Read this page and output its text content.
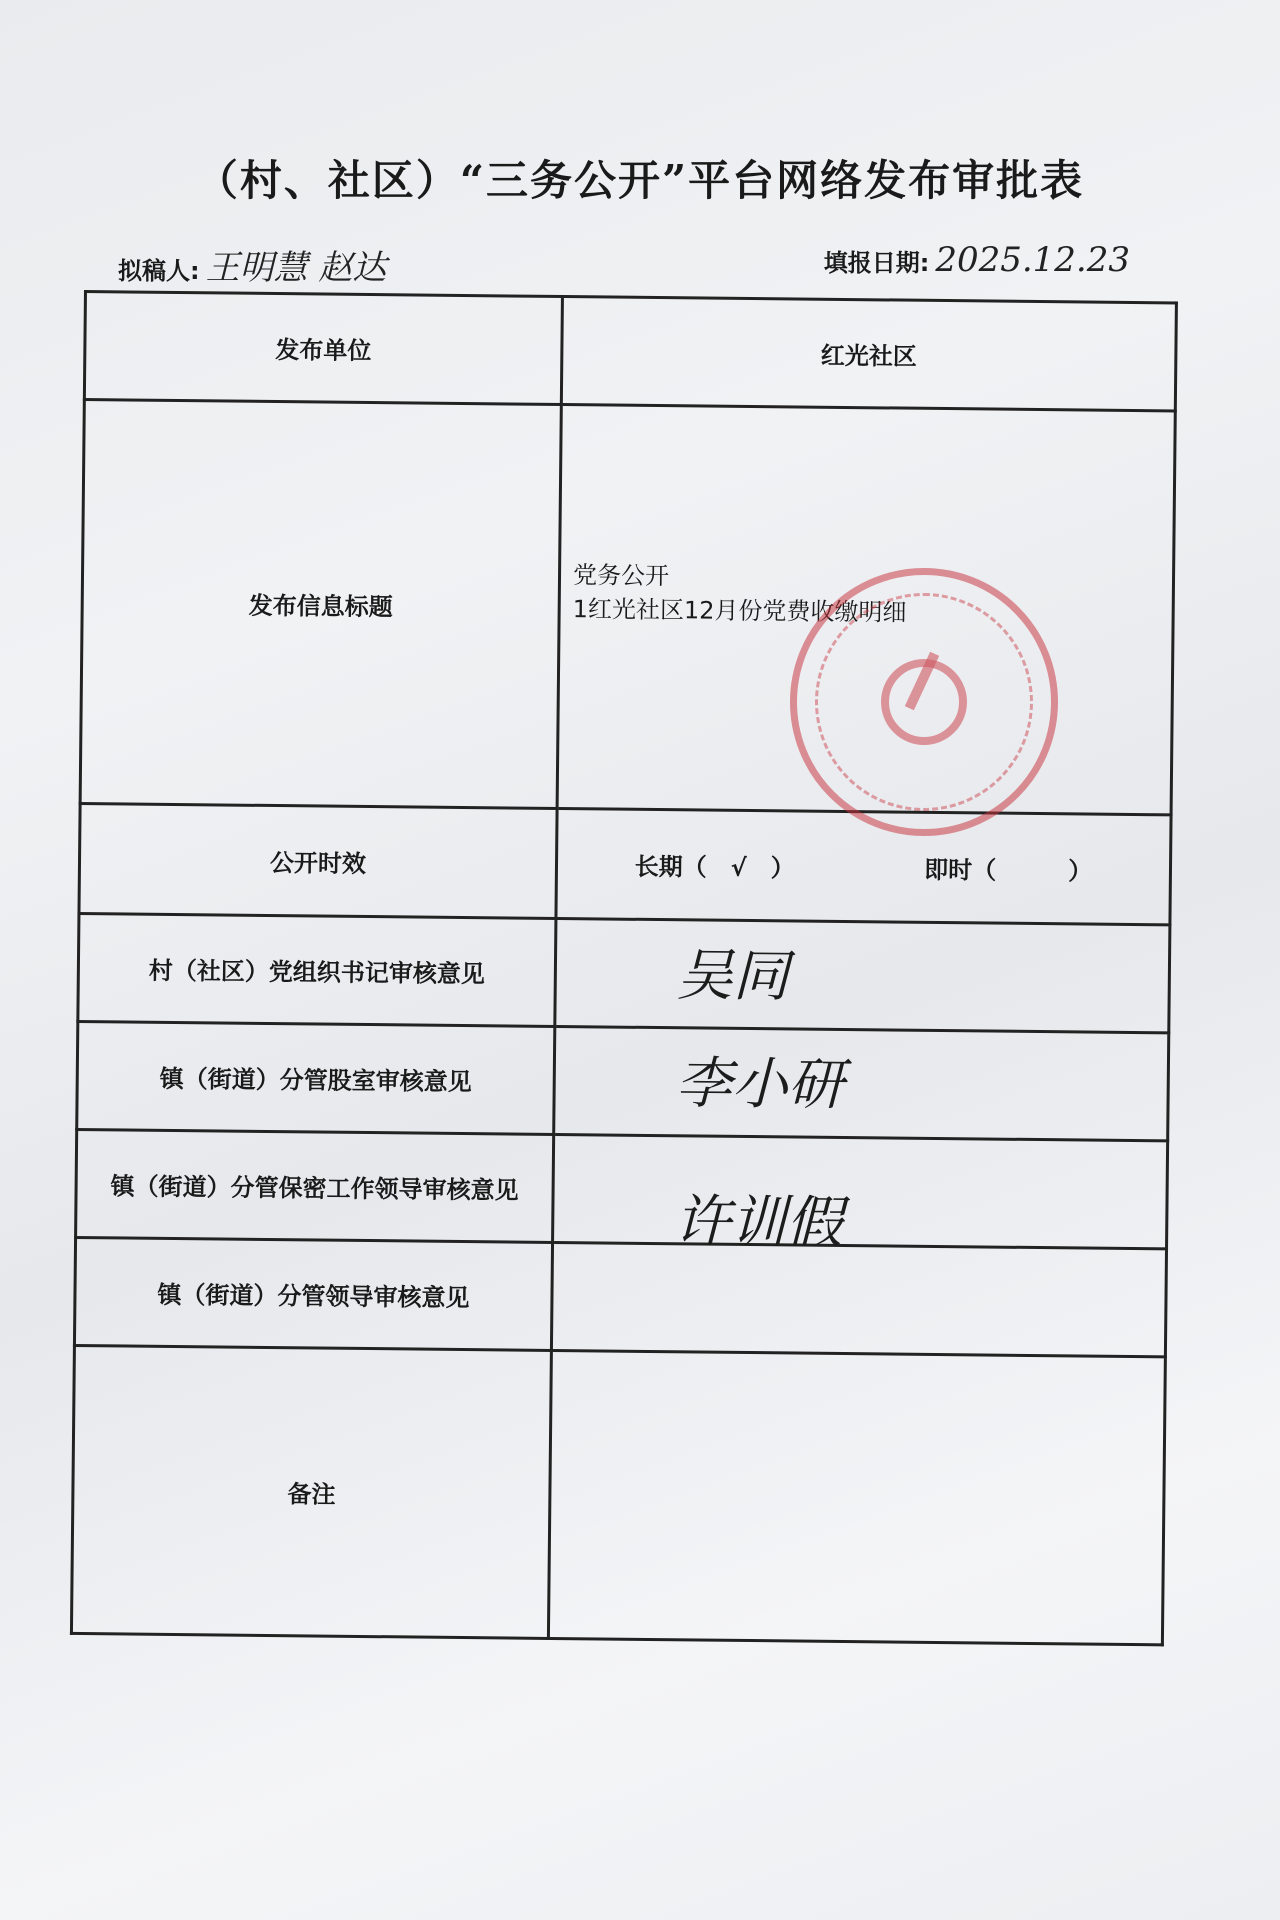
（村、社区）“三务公开”平台网络发布审批表
拟稿人: 王明慧 赵达	填报日期: 2025.12.23
发布单位	红光社区
发布信息标题	党务公开
1红光社区12月份党费收缴明细

公开时效	长期（　√　） 即时（　　　）

村（社区）党组织书记审核意见	吴同

镇（街道）分管股室审核意见	李小研

镇（街道）分管保密工作领导审核意见	许训假

镇（街道）分管领导审核意见	
备注	
